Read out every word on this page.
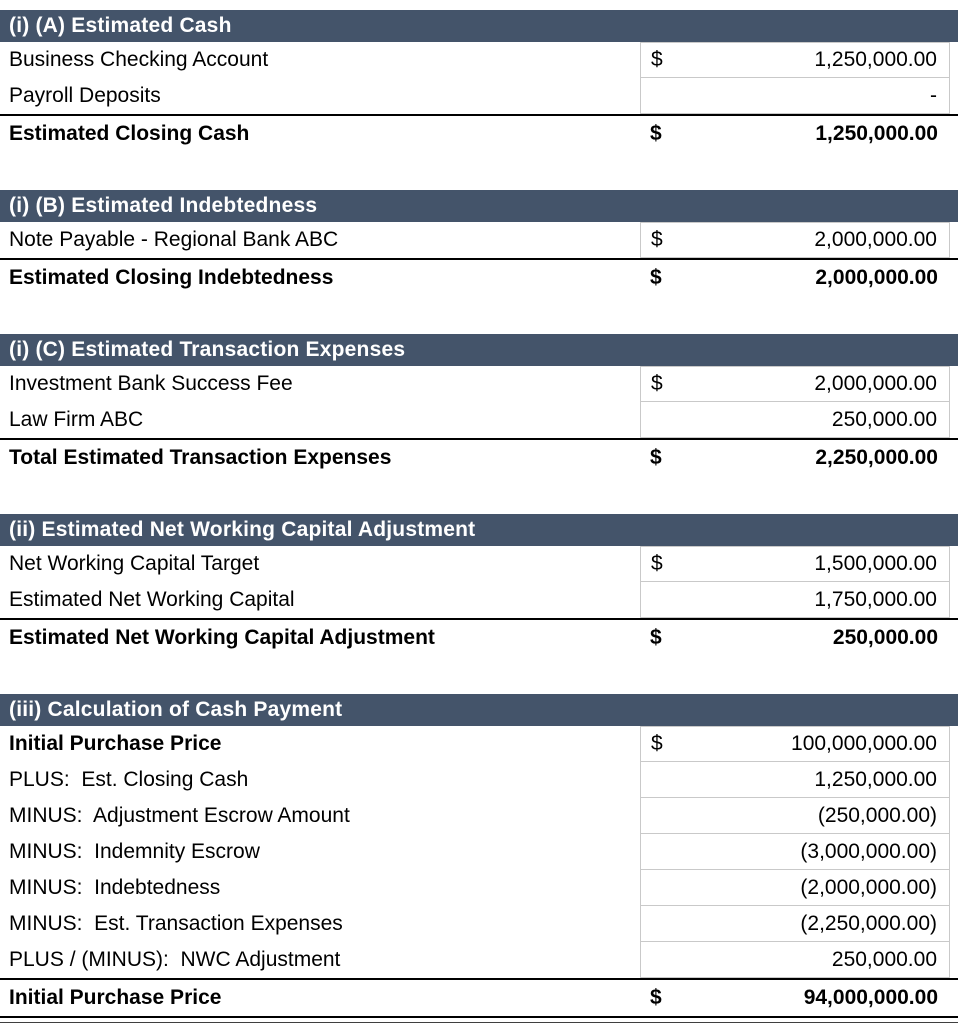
(i) (A) Estimated Cash
Business Checking Account	$	1,250,000.00
Payroll Deposits	-
Estimated Closing Cash	$	1,250,000.00
(i) (B) Estimated Indebtedness
Note Payable - Regional Bank ABC	$	2,000,000.00
Estimated Closing Indebtedness	$	2,000,000.00
(i) (C) Estimated Transaction Expenses
Investment Bank Success Fee	$	2,000,000.00
Law Firm ABC	250,000.00
Total Estimated Transaction Expenses	$	2,250,000.00
(ii) Estimated Net Working Capital Adjustment
Net Working Capital Target	$	1,500,000.00
Estimated Net Working Capital	1,750,000.00
Estimated Net Working Capital Adjustment	$	250,000.00
(iii) Calculation of Cash Payment
Initial Purchase Price	$	100,000,000.00
PLUS:  Est. Closing Cash	1,250,000.00
MINUS:  Adjustment Escrow Amount	(250,000.00)
MINUS:  Indemnity Escrow	(3,000,000.00)
MINUS:  Indebtedness	(2,000,000.00)
MINUS:  Est. Transaction Expenses	(2,250,000.00)
PLUS / (MINUS):  NWC Adjustment	250,000.00
Initial Purchase Price	$	94,000,000.00
